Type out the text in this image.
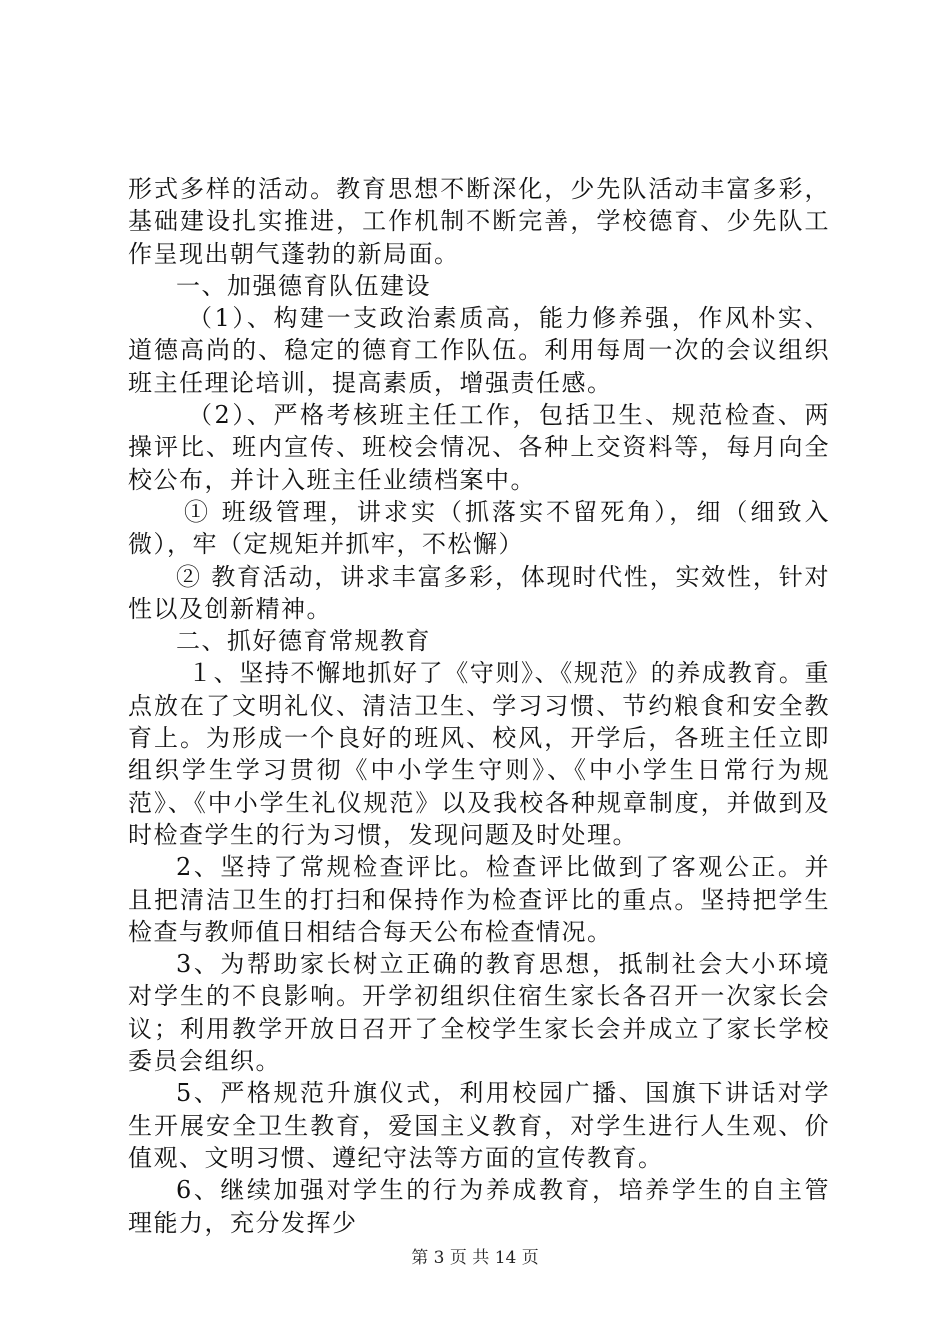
形式多样的活动。教育思想不断深化，少先队活动丰富多彩，基础建设扎实推进，工作机制不断完善，学校德育、少先队工作呈现出朝气蓬勃的新局面。

一、加强德育队伍建设

（1）、构建一支政治素质高，能力修养强，作风朴实、道德高尚的、稳定的德育工作队伍。利用每周一次的会议组织班主任理论培训，提高素质，增强责任感。

（2）、严格考核班主任工作，包括卫生、规范检查、两操评比、班内宣传、班校会情况、各种上交资料等，每月向全校公布，并计入班主任业绩档案中。

① 班级管理，讲求实（抓落实不留死角），细（细致入微），牢（定规矩并抓牢，不松懈）

② 教育活动，讲求丰富多彩，体现时代性，实效性，针对性以及创新精神。

二、抓好德育常规教育

１、坚持不懈地抓好了《守则》、《规范》的养成教育。重点放在了文明礼仪、清洁卫生、学习习惯、节约粮食和安全教育上。为形成一个良好的班风、校风，开学后，各班主任立即组织学生学习贯彻《中小学生守则》、《中小学生日常行为规范》、《中小学生礼仪规范》以及我校各种规章制度，并做到及时检查学生的行为习惯，发现问题及时处理。

2、坚持了常规检查评比。检查评比做到了客观公正。并且把清洁卫生的打扫和保持作为检查评比的重点。坚持把学生检查与教师值日相结合每天公布检查情况。

3、为帮助家长树立正确的教育思想，抵制社会大小环境对学生的不良影响。开学初组织住宿生家长各召开一次家长会议；利用教学开放日召开了全校学生家长会并成立了家长学校委员会组织。

5、严格规范升旗仪式，利用校园广播、国旗下讲话对学生开展安全卫生教育，爱国主义教育，对学生进行人生观、价值观、文明习惯、遵纪守法等方面的宣传教育。

6、继续加强对学生的行为养成教育，培养学生的自主管理能力，充分发挥少

第 3 页 共 14 页
